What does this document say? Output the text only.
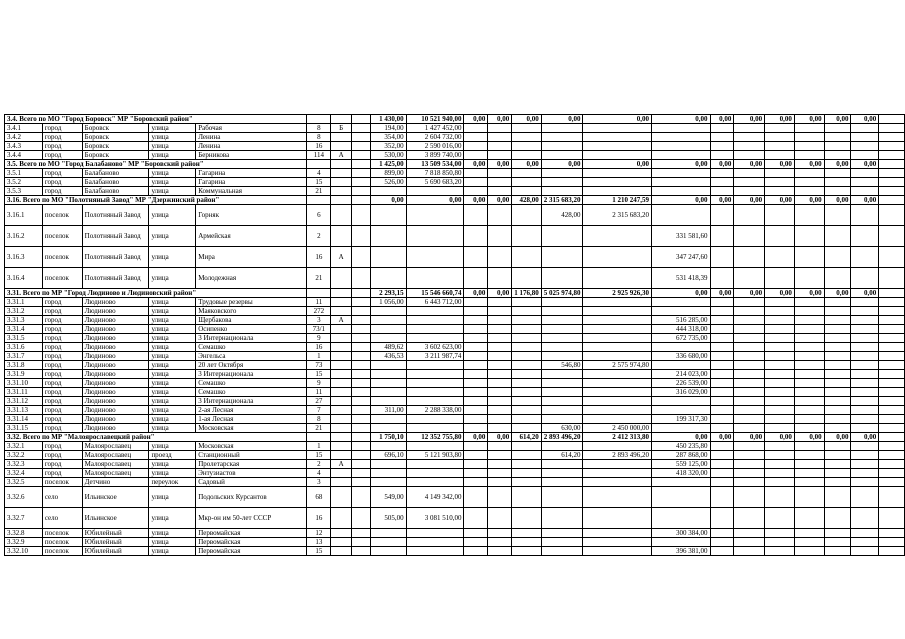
3.4. Всего по МО "Город Боровск" МР "Боровский район"								1 430,00	10 521 940,00	0,00	0,00	0,00	0,00	0,00	0,00	0,00	0,00	0,00	0,00	0,00	0,00	
3.4.1	город	Боровск	улица	Рабочая	8	Б		194,00	1 427 452,00													
3.4.2	город	Боровск	улица	Ленина	8			354,00	2 604 732,00													
3.4.3	город	Боровск	улица	Ленина	16			352,00	2 590 016,00													
3.4.4	город	Боровск	улица	Берникова	114	А		530,00	3 899 740,00													
3.5. Всего по МО "Город Балабаново" МР "Боровский район"								1 425,00	13 509 534,00	0,00	0,00	0,00	0,00	0,00	0,00	0,00	0,00	0,00	0,00	0,00	0,00	
3.5.1	город	Балабаново	улица	Гагарина	4			899,00	7 818 850,80													
3.5.2	город	Балабаново	улица	Гагарина	15			526,00	5 690 683,20													
3.5.3	город	Балабаново	улица	Коммунальная	21																	
3.16. Всего по МО "Полотняный Завод" МР "Дзержинский район"								0,00	0,00	0,00	0,00	428,00	2 315 683,20	1 210 247,59	0,00	0,00	0,00	0,00	0,00	0,00	0,00	
3.16.1	поселок	Полотняный Завод	улица	Горняк	6								428,00	2 315 683,20								
3.16.2	поселок	Полотняный Завод	улица	Армейская	2										331 581,60							
3.16.3	поселок	Полотняный Завод	улица	Мира	16	А									347 247,60							
3.16.4	поселок	Полотняный Завод	улица	Молодежная	21										531 418,39							
3.31. Всего по МР "Город Людиново и Людиновский район"								2 293,15	15 546 660,74	0,00	0,00	1 176,80	5 025 974,80	2 925 926,30	0,00	0,00	0,00	0,00	0,00	0,00	0,00	
3.31.1	город	Людиново	улица	Трудовые резервы	11			1 056,00	6 443 712,00													
3.31.2	город	Людиново	улица	Маяковского	272																	
3.31.3	город	Людиново	улица	Щербакова	3	А									516 285,00							
3.31.4	город	Людиново	улица	Осипенко	73/1										444 318,00							
3.31.5	город	Людиново	улица	3 Интернационала	9										672 735,00							
3.31.6	город	Людиново	улица	Семашко	16			489,62	3 602 623,00													
3.31.7	город	Людиново	улица	Энгельса	1			436,53	3 211 987,74						336 680,00							
3.31.8	город	Людиново	улица	20 лет Октября	73								546,80	2 575 974,80								
3.31.9	город	Людиново	улица	3 Интернационала	15										214 023,00							
3.31.10	город	Людиново	улица	Семашко	9										226 539,00							
3.31.11	город	Людиново	улица	Семашко	11										316 029,00							
3.31.12	город	Людиново	улица	3 Интернационала	27																	
3.31.13	город	Людиново	улица	2-ая Лесная	7			311,00	2 288 338,00													
3.31.14	город	Людиново	улица	1-ая Лесная	8										199 317,30							
3.31.15	город	Людиново	улица	Московская	21								630,00	2 450 000,00								
3.32. Всего по МР "Малоярославецкий район"								1 750,10	12 352 755,80	0,00	0,00	614,20	2 893 496,20	2 412 313,80	0,00	0,00	0,00	0,00	0,00	0,00	0,00	
3.32.1	город	Малоярославец	улица	Московская	1										450 235,80							
3.32.2	город	Малоярославец	проезд	Станционный	15			696,10	5 121 903,80				614,20	2 893 496,20	287 868,00							
3.32.3	город	Малоярославец	улица	Пролетарская	2	А									559 125,00							
3.32.4	город	Малоярославец	улица	Энтузиастов	4										418 320,00							
3.32.5	поселок	Детчино	переулок	Садовый	3																	
3.32.6	село	Ильинское	улица	Подольских Курсантов	68			549,00	4 149 342,00													
3.32.7	село	Ильинское	улица	Мкр-он им 50-лет СССР	16			505,00	3 081 510,00													
3.32.8	поселок	Юбилейный	улица	Первомайская	12										300 384,00							
3.32.9	поселок	Юбилейный	улица	Первомайская	13																	
3.32.10	поселок	Юбилейный	улица	Первомайская	15										396 381,00							
